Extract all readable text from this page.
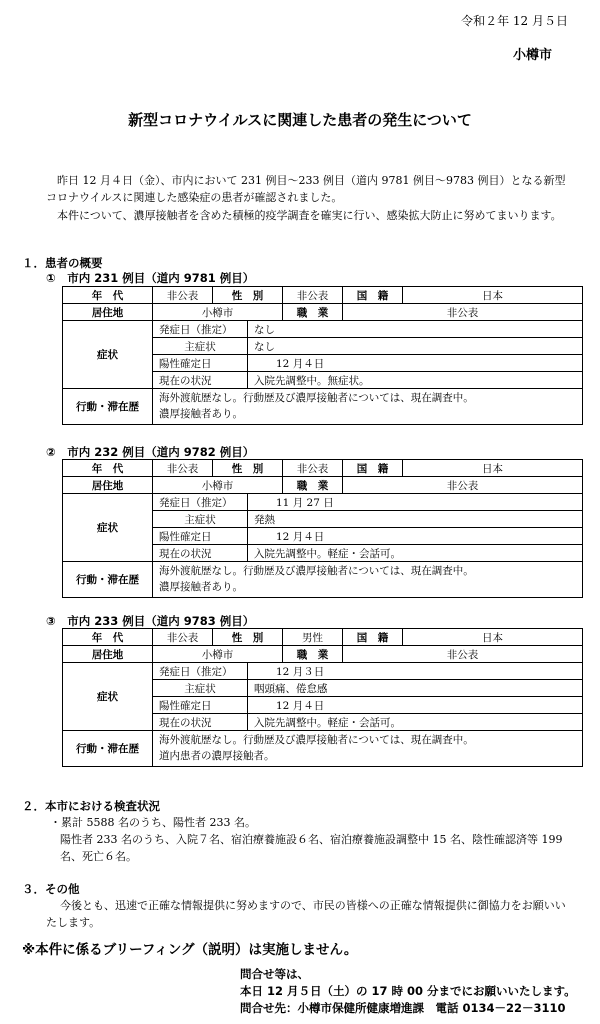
令和２年 12 月５日
小樽市
新型コロナウイルスに関連した患者の発生について
昨日 12 月４日（金）、市内において 231 例目～233 例目（道内 9781 例目～9783 例目）となる新型コロナウイルスに関連した感染症の患者が確認されました。
本件について、濃厚接触者を含めた積極的疫学調査を確実に行い、感染拡大防止に努めてまいります。
１．患者の概要
①　市内 231 例目（道内 9781 例目）
年　代	非公表	性　別		非公表	国　籍	日本
居住地	小樽市			職　業	非公表	
症状	発症日（推定）		なし			
	主症状		なし			
	陽性確定日		12 月４日			
	現在の状況		入院先調整中。無症状。			
行動・滞在歴	海外渡航歴なし。行動歴及び濃厚接触者については、現在調査中。
濃厚接触者あり。					
②　市内 232 例目（道内 9782 例目）
年　代	非公表	性　別		非公表	国　籍	日本
居住地	小樽市			職　業	非公表	
症状	発症日（推定）		11 月 27 日			
	主症状		発熱			
	陽性確定日		12 月４日			
	現在の状況		入院先調整中。軽症・会話可。			
行動・滞在歴	海外渡航歴なし。行動歴及び濃厚接触者については、現在調査中。
濃厚接触者あり。					
③　市内 233 例目（道内 9783 例目）
年　代	非公表	性　別		男性	国　籍	日本
居住地	小樽市			職　業	非公表	
症状	発症日（推定）		12 月３日			
	主症状		咽頭痛、倦怠感			
	陽性確定日		12 月４日			
	現在の状況		入院先調整中。軽症・会話可。			
行動・滞在歴	海外渡航歴なし。行動歴及び濃厚接触者については、現在調査中。
道内患者の濃厚接触者。					
２．本市における検査状況
・累計 5588 名のうち、陽性者 233 名。
陽性者 233 名のうち、入院７名、宿泊療養施設６名、宿泊療養施設調整中 15 名、陰性確認済等 199 名、死亡６名。
３．その他
今後とも、迅速で正確な情報提供に努めますので、市民の皆様への正確な情報提供に御協力をお願いいたします。
※本件に係るブリーフィング（説明）は実施しません。
問合せ等は、
本日 12 月５日（土）の 17 時 00 分までにお願いいたします。
問合せ先：小樽市保健所健康増進課　電話 0134－22－3110
